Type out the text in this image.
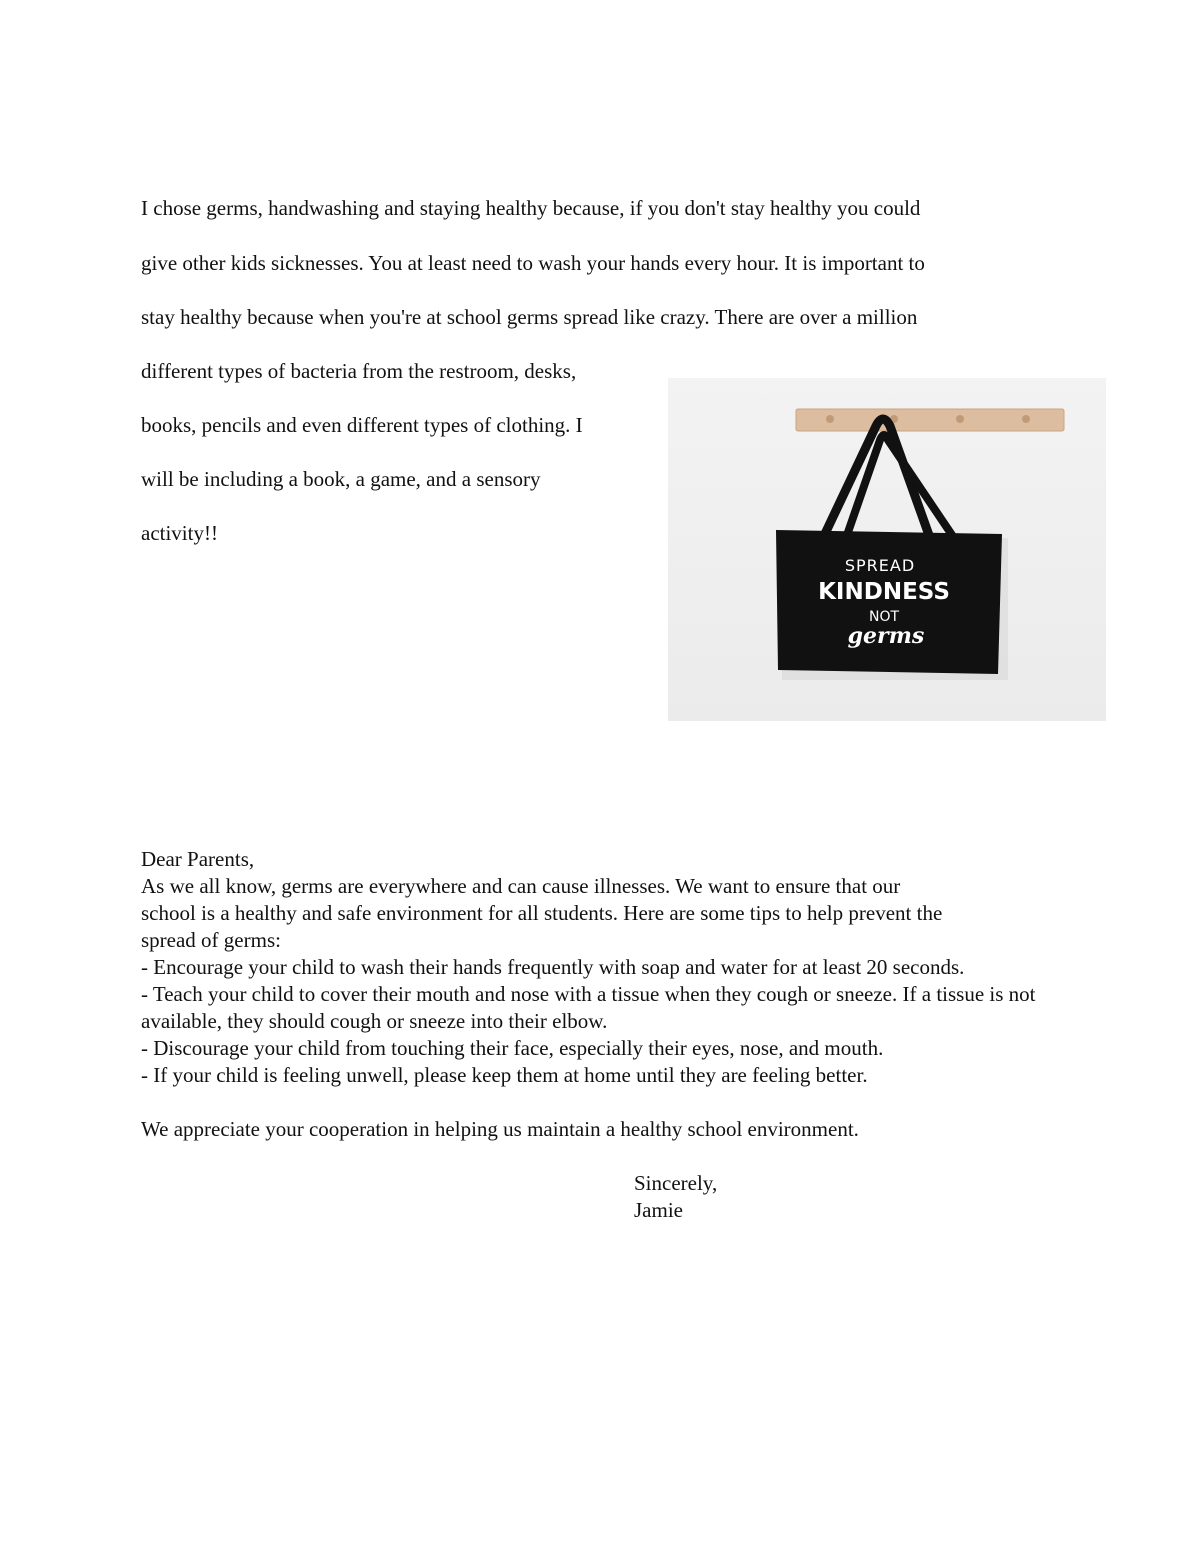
I chose germs, handwashing and staying healthy because, if you don't stay healthy you could
give other kids sicknesses. You at least need to wash your hands every hour. It is important to
stay healthy because when you're at school germs spread like crazy. There are over a million
different types of bacteria from the restroom, desks,
books, pencils and even different types of clothing. I
will be including a book, a game, and a sensory
activity!!
SPREAD
KINDNESS
NOT
germs

Dear Parents,

As we all know, germs are everywhere and can cause illnesses. We want to ensure that our
school is a healthy and safe environment for all students. Here are some tips to help prevent the
spread of germs:

- Encourage your child to wash their hands frequently with soap and water for at least 20 seconds.

- Teach your child to cover their mouth and nose with a tissue when they cough or sneeze. If a tissue is not available, they should cough or sneeze into their elbow.

- Discourage your child from touching their face, especially their eyes, nose, and mouth.

- If your child is feeling unwell, please keep them at home until they are feeling better.

We appreciate your cooperation in helping us maintain a healthy school environment.

Sincerely,
Jamie
